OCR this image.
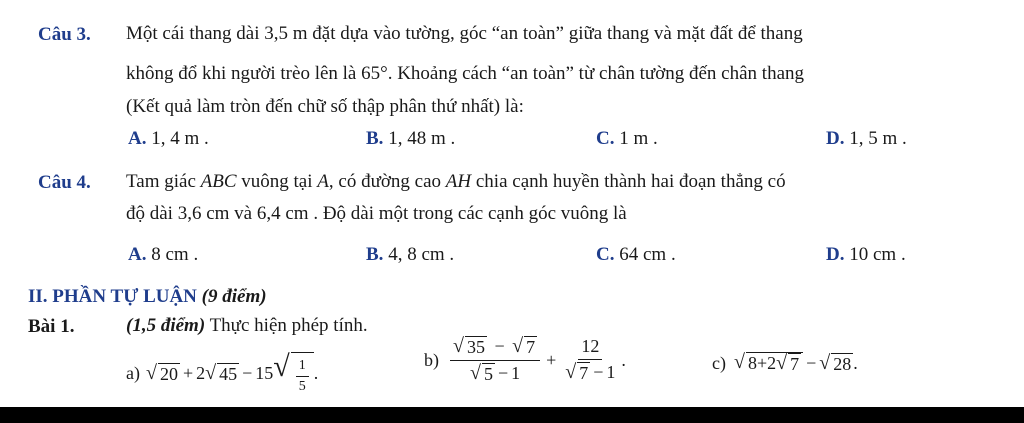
Câu 3. Một cái thang dài 3,5 m đặt dựa vào tường, góc “an toàn” giữa thang và mặt đất để thang
không đổ khi người trèo lên là 65°. Khoảng cách “an toàn” từ chân tường đến chân thang
(Kết quả làm tròn đến chữ số thập phân thứ nhất) là:
A. 1, 4 m .	B. 1, 48 m .	C. 1 m .	D. 1, 5 m .
Câu 4. Tam giác ABC vuông tại A, có đường cao AH chia cạnh huyền thành hai đoạn thẳng có
độ dài 3,6 cm và 6,4 cm . Độ dài một trong các cạnh góc vuông là
A. 8 cm .	B. 4, 8 cm .	C. 64 cm .	D. 10 cm .
II. PHẦN TỰ LUẬN (9 điểm)
Bài 1.	(1,5 điểm) Thực hiện phép tính.
a) √ 20 + 2 √ 45 − 15 √ $\frac{1}{5}$ .
$b) \frac{√ 35 - √ 7}{√ 5 - 1} + \frac{12}{√ 7 - 1}$ .	c) √ 8+2 √ 7 − √ 28 .
